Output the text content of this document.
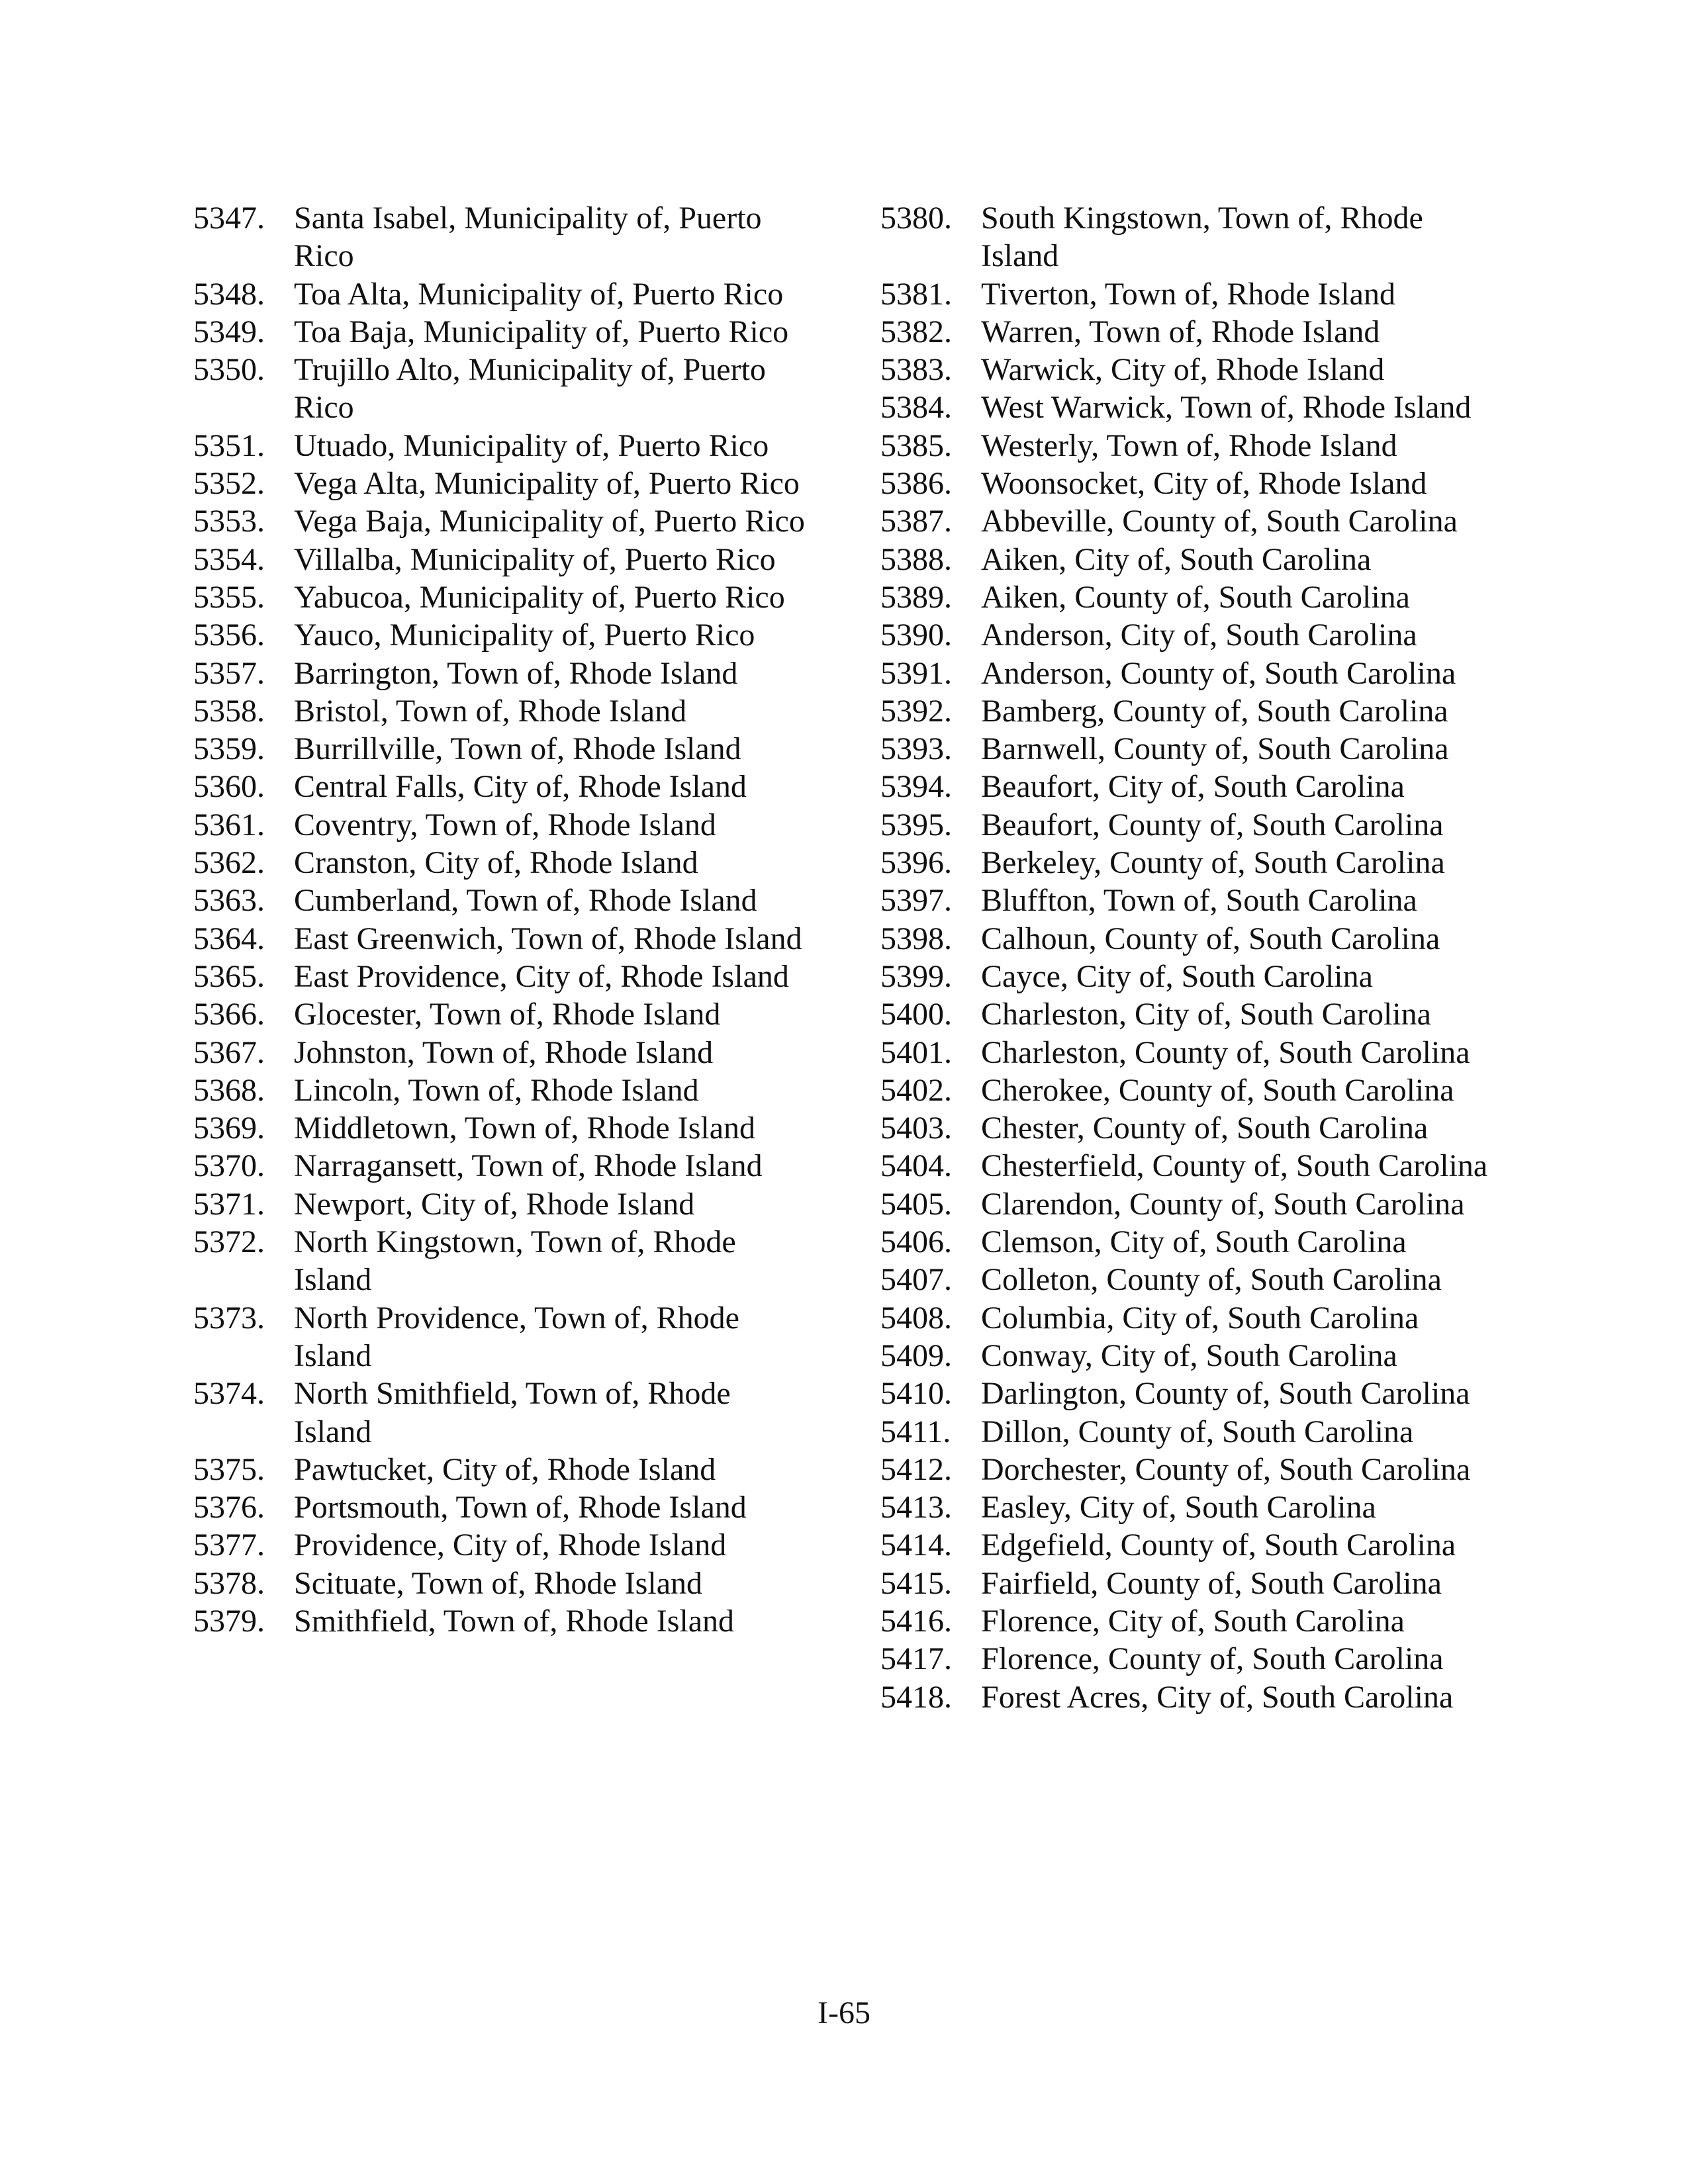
5347. Santa Isabel, Municipality of, Puerto Rico
5348. Toa Alta, Municipality of, Puerto Rico
5349. Toa Baja, Municipality of, Puerto Rico
5350. Trujillo Alto, Municipality of, Puerto Rico
5351. Utuado, Municipality of, Puerto Rico
5352. Vega Alta, Municipality of, Puerto Rico
5353. Vega Baja, Municipality of, Puerto Rico
5354. Villalba, Municipality of, Puerto Rico
5355. Yabucoa, Municipality of, Puerto Rico
5356. Yauco, Municipality of, Puerto Rico
5357. Barrington, Town of, Rhode Island
5358. Bristol, Town of, Rhode Island
5359. Burrillville, Town of, Rhode Island
5360. Central Falls, City of, Rhode Island
5361. Coventry, Town of, Rhode Island
5362. Cranston, City of, Rhode Island
5363. Cumberland, Town of, Rhode Island
5364. East Greenwich, Town of, Rhode Island
5365. East Providence, City of, Rhode Island
5366. Glocester, Town of, Rhode Island
5367. Johnston, Town of, Rhode Island
5368. Lincoln, Town of, Rhode Island
5369. Middletown, Town of, Rhode Island
5370. Narragansett, Town of, Rhode Island
5371. Newport, City of, Rhode Island
5372. North Kingstown, Town of, Rhode Island
5373. North Providence, Town of, Rhode Island
5374. North Smithfield, Town of, Rhode Island
5375. Pawtucket, City of, Rhode Island
5376. Portsmouth, Town of, Rhode Island
5377. Providence, City of, Rhode Island
5378. Scituate, Town of, Rhode Island
5379. Smithfield, Town of, Rhode Island
5380. South Kingstown, Town of, Rhode Island
5381. Tiverton, Town of, Rhode Island
5382. Warren, Town of, Rhode Island
5383. Warwick, City of, Rhode Island
5384. West Warwick, Town of, Rhode Island
5385. Westerly, Town of, Rhode Island
5386. Woonsocket, City of, Rhode Island
5387. Abbeville, County of, South Carolina
5388. Aiken, City of, South Carolina
5389. Aiken, County of, South Carolina
5390. Anderson, City of, South Carolina
5391. Anderson, County of, South Carolina
5392. Bamberg, County of, South Carolina
5393. Barnwell, County of, South Carolina
5394. Beaufort, City of, South Carolina
5395. Beaufort, County of, South Carolina
5396. Berkeley, County of, South Carolina
5397. Bluffton, Town of, South Carolina
5398. Calhoun, County of, South Carolina
5399. Cayce, City of, South Carolina
5400. Charleston, City of, South Carolina
5401. Charleston, County of, South Carolina
5402. Cherokee, County of, South Carolina
5403. Chester, County of, South Carolina
5404. Chesterfield, County of, South Carolina
5405. Clarendon, County of, South Carolina
5406. Clemson, City of, South Carolina
5407. Colleton, County of, South Carolina
5408. Columbia, City of, South Carolina
5409. Conway, City of, South Carolina
5410. Darlington, County of, South Carolina
5411. Dillon, County of, South Carolina
5412. Dorchester, County of, South Carolina
5413. Easley, City of, South Carolina
5414. Edgefield, County of, South Carolina
5415. Fairfield, County of, South Carolina
5416. Florence, City of, South Carolina
5417. Florence, County of, South Carolina
5418. Forest Acres, City of, South Carolina
I-65
